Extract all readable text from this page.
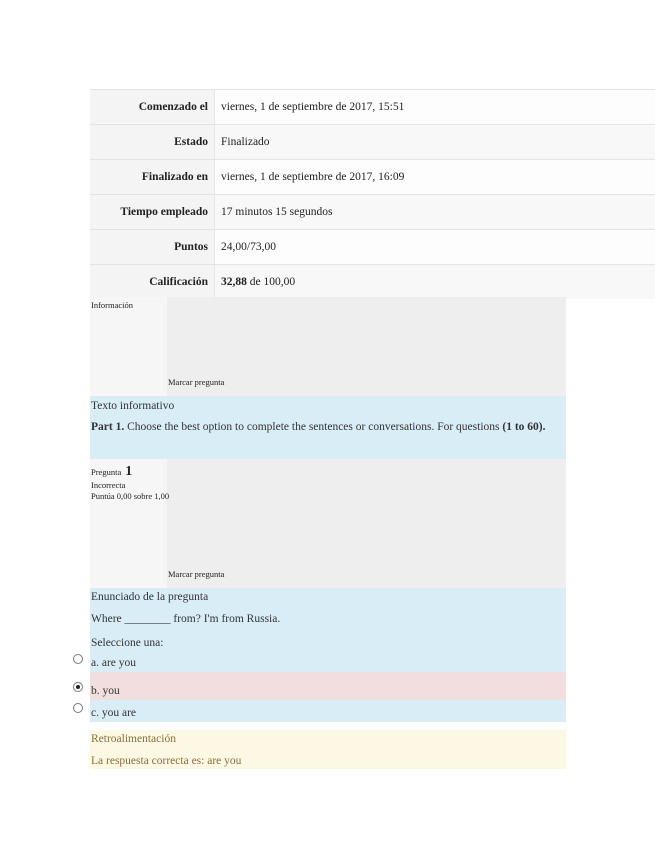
Comenzado el	viernes, 1 de septiembre de 2017, 15:51
Estado	Finalizado
Finalizado en	viernes, 1 de septiembre de 2017, 16:09
Tiempo empleado	17 minutos 15 segundos
Puntos	24,00/73,00
Calificación	32,88 de 100,00
Información
Marcar pregunta
Texto informativo
Part 1. Choose the best option to complete the sentences or conversations. For questions (1 to 60).
Pregunta 1
Incorrecta
Puntúa 0,00 sobre 1,00
Marcar pregunta
Enunciado de la pregunta
Where ________ from? I'm from Russia.
Seleccione una:
a. are you
b. you
c. you are
Retroalimentación
La respuesta correcta es: are you
